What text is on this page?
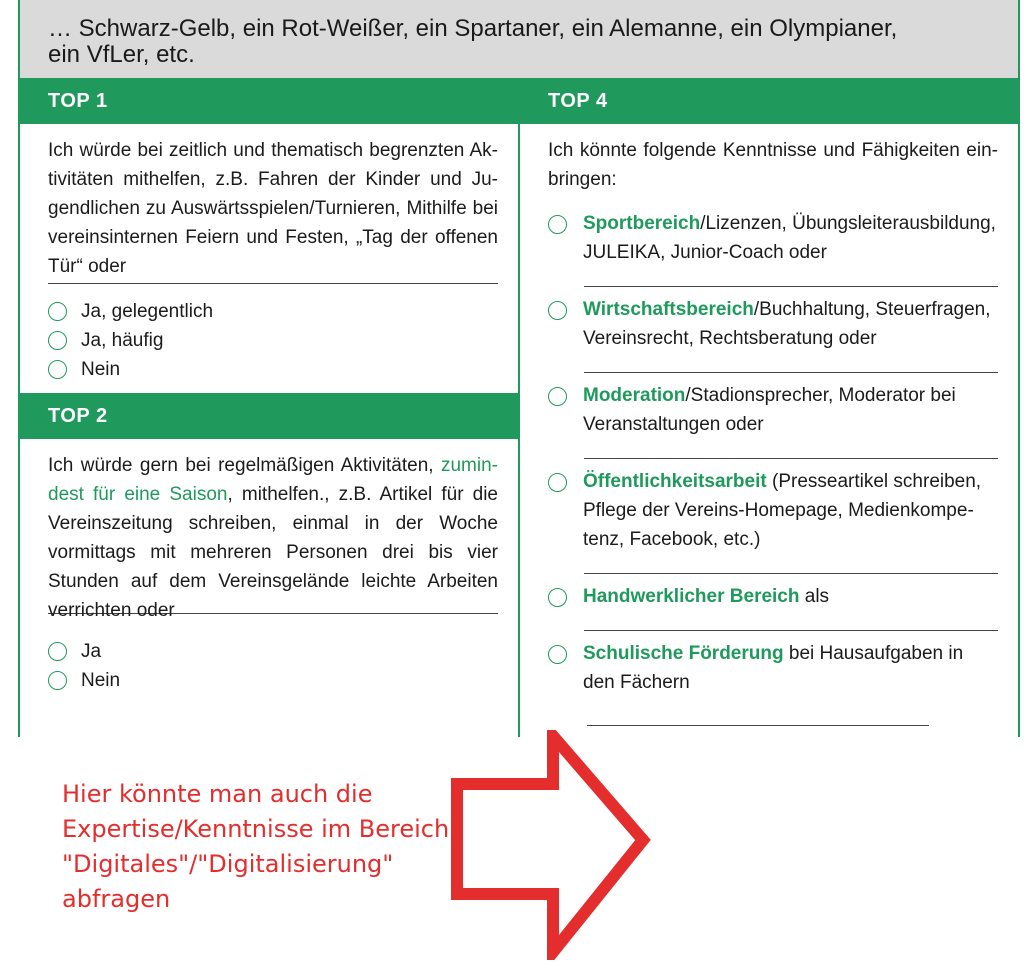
… Schwarz-Gelb, ein Rot-Weißer, ein Spartaner, ein Alemanne, ein Olympianer,
ein VfLer, etc.
TOP 1
Ich würde bei zeitlich und thematisch begrenzten Aktivitäten mithelfen, z.B. Fahren der Kinder und Jugendlichen zu Auswärtsspielen/Turnieren, Mithilfe bei vereinsinternen Feiern und Festen, „Tag der offenen Tür“ oder
Ja, gelegentlich
Ja, häufig
Nein
TOP 2
Ich würde gern bei regelmäßigen Aktivitäten, zumindest für eine Saison, mithelfen., z.B. Artikel für die Vereinszeitung schreiben, einmal in der Woche vormittags mit mehreren Personen drei bis vier Stunden auf dem Vereinsgelände leichte Arbeiten verrichten oder
Ja
Nein
TOP 4
Ich könnte folgende Kenntnisse und Fähigkeiten einbringen:
Sportbereich/Lizenzen, Übungsleiterausbildung, JULEIKA, Junior-Coach oder
Wirtschaftsbereich/Buchhaltung, Steuerfragen, Vereinsrecht, Rechtsberatung oder
Moderation/Stadionsprecher, Moderator bei Veranstaltungen oder
Öffentlichkeitsarbeit (Presseartikel schreiben, Pflege der Vereins-Homepage, Medienkompetenz, Facebook, etc.)
Handwerklicher Bereich als
Schulische Förderung bei Hausaufgaben in den Fächern

Hier könnte man auch die
Expertise/Kenntnisse im Bereich
"Digitales"/"Digitalisierung"
abfragen
